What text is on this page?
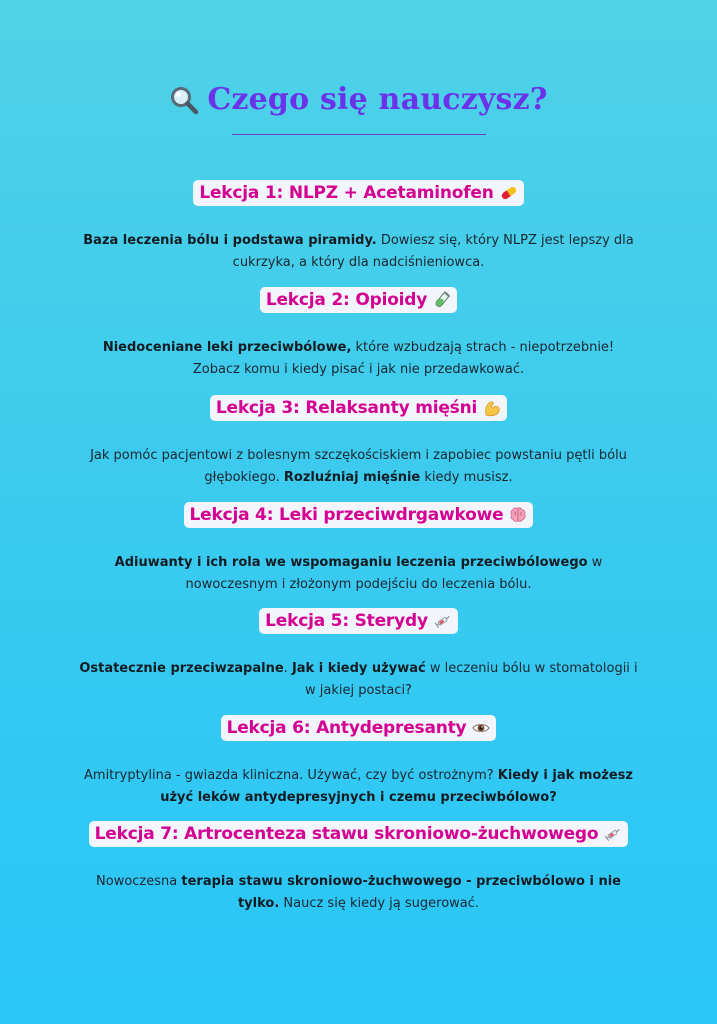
Czego się nauczysz?
Lekcja 1: NLPZ + Acetaminofen
Baza leczenia bólu i podstawa piramidy. Dowiesz się, który NLPZ jest lepszy dla cukrzyka, a który dla nadciśnieniowca.
Lekcja 2: Opioidy
Niedoceniane leki przeciwbólowe, które wzbudzają strach - niepotrzebnie! Zobacz komu i kiedy pisać i jak nie przedawkować.
Lekcja 3: Relaksanty mięśni
Jak pomóc pacjentowi z bolesnym szczękościskiem i zapobiec powstaniu pętli bólu głębokiego. Rozluźniaj mięśnie kiedy musisz.
Lekcja 4: Leki przeciwdrgawkowe
Adiuwanty i ich rola we wspomaganiu leczenia przeciwbólowego w nowoczesnym i złożonym podejściu do leczenia bólu.
Lekcja 5: Sterydy
Ostatecznie przeciwzapalne. Jak i kiedy używać w leczeniu bólu w stomatologii i w jakiej postaci?
Lekcja 6: Antydepresanty
Amitryptylina - gwiazda kliniczna. Używać, czy być ostrożnym? Kiedy i jak możesz użyć leków antydepresyjnych i czemu przeciwbólowo?
Lekcja 7: Artrocenteza stawu skroniowo-żuchwowego
Nowoczesna terapia stawu skroniowo-żuchwowego - przeciwbólowo i nie tylko. Naucz się kiedy ją sugerować.
